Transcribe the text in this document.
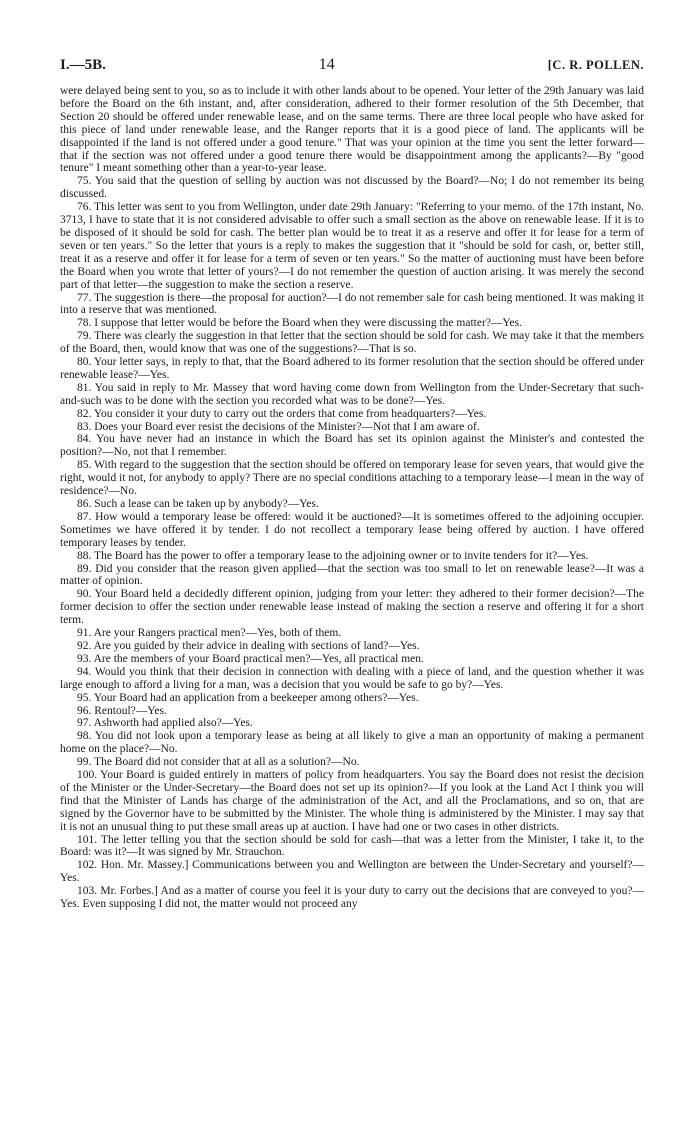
I.—5B.	14	[C. R. POLLEN.

were delayed being sent to you, so as to include it with other lands about to be opened. Your letter of the 29th January was laid before the Board on the 6th instant, and, after consideration, adhered to their former resolution of the 5th December, that Section 20 should be offered under renewable lease, and on the same terms. There are three local people who have asked for this piece of land under renewable lease, and the Ranger reports that it is a good piece of land. The applicants will be disappointed if the land is not offered under a good tenure." That was your opinion at the time you sent the letter forward—that if the section was not offered under a good tenure there would be disappointment among the applicants?—By "good tenure" I meant something other than a year-to-year lease.

75. You said that the question of selling by auction was not discussed by the Board?—No; I do not remember its being discussed.

76. This letter was sent to you from Wellington, under date 29th January: "Referring to your memo. of the 17th instant, No. 3713, I have to state that it is not considered advisable to offer such a small section as the above on renewable lease. If it is to be disposed of it should be sold for cash. The better plan would be to treat it as a reserve and offer it for lease for a term of seven or ten years." So the letter that yours is a reply to makes the suggestion that it "should be sold for cash, or, better still, treat it as a reserve and offer it for lease for a term of seven or ten years." So the matter of auctioning must have been before the Board when you wrote that letter of yours?—I do not remember the question of auction arising. It was merely the second part of that letter—the suggestion to make the section a reserve.

77. The suggestion is there—the proposal for auction?—I do not remember sale for cash being mentioned. It was making it into a reserve that was mentioned.

78. I suppose that letter would be before the Board when they were discussing the matter?—Yes.

79. There was clearly the suggestion in that letter that the section should be sold for cash. We may take it that the members of the Board, then, would know that was one of the suggestions?—That is so.

80. Your letter says, in reply to that, that the Board adhered to its former resolution that the section should be offered under renewable lease?—Yes.

81. You said in reply to Mr. Massey that word having come down from Wellington from the Under-Secretary that such-and-such was to be done with the section you recorded what was to be done?—Yes.

82. You consider it your duty to carry out the orders that come from headquarters?—Yes.

83. Does your Board ever resist the decisions of the Minister?—Not that I am aware of.

84. You have never had an instance in which the Board has set its opinion against the Minister's and contested the position?—No, not that I remember.

85. With regard to the suggestion that the section should be offered on temporary lease for seven years, that would give the right, would it not, for anybody to apply? There are no special conditions attaching to a temporary lease—I mean in the way of residence?—No.

86. Such a lease can be taken up by anybody?—Yes.

87. How would a temporary lease be offered: would it be auctioned?—It is sometimes offered to the adjoining occupier. Sometimes we have offered it by tender. I do not recollect a temporary lease being offered by auction. I have offered temporary leases by tender.

88. The Board has the power to offer a temporary lease to the adjoining owner or to invite tenders for it?—Yes.

89. Did you consider that the reason given applied—that the section was too small to let on renewable lease?—It was a matter of opinion.

90. Your Board held a decidedly different opinion, judging from your letter: they adhered to their former decision?—The former decision to offer the section under renewable lease instead of making the section a reserve and offering it for a short term.

91. Are your Rangers practical men?—Yes, both of them.

92. Are you guided by their advice in dealing with sections of land?—Yes.

93. Are the members of your Board practical men?—Yes, all practical men.

94. Would you think that their decision in connection with dealing with a piece of land, and the question whether it was large enough to afford a living for a man, was a decision that you would be safe to go by?—Yes.

95. Your Board had an application from a beekeeper among others?—Yes.

96. Rentoul?—Yes.

97. Ashworth had applied also?—Yes.

98. You did not look upon a temporary lease as being at all likely to give a man an opportunity of making a permanent home on the place?—No.

99. The Board did not consider that at all as a solution?—No.

100. Your Board is guided entirely in matters of policy from headquarters. You say the Board does not resist the decision of the Minister or the Under-Secretary—the Board does not set up its opinion?—If you look at the Land Act I think you will find that the Minister of Lands has charge of the administration of the Act, and all the Proclamations, and so on, that are signed by the Governor have to be submitted by the Minister. The whole thing is administered by the Minister. I may say that it is not an unusual thing to put these small areas up at auction. I have had one or two cases in other districts.

101. The letter telling you that the section should be sold for cash—that was a letter from the Minister, I take it, to the Board: was it?—It was signed by Mr. Strauchon.

102. Hon. Mr. Massey.] Communications between you and Wellington are between the Under-Secretary and yourself?—Yes.

103. Mr. Forbes.] And as a matter of course you feel it is your duty to carry out the decisions that are conveyed to you?—Yes. Even supposing I did not, the matter would not proceed any
